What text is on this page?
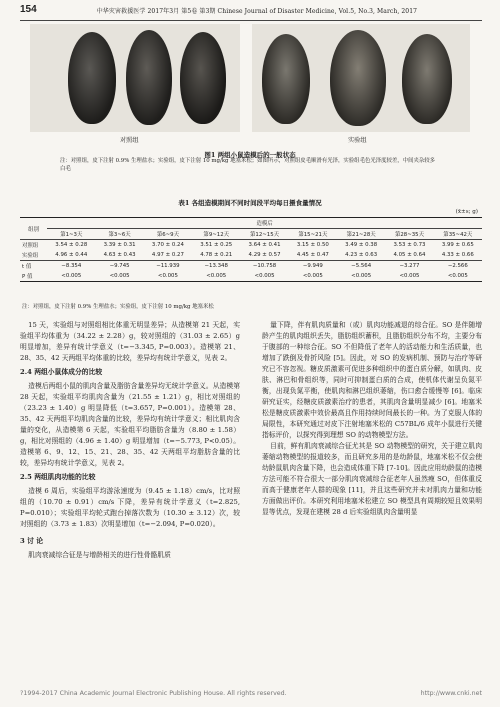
154	中华灾害救援医学 2017年3月 第5卷 第3期 Chinese Journal of Disaster Medicine, Vol.5, No.3, March, 2017
对照组	实验组
图1 两组小鼠造模后的一般状态
注：对照组，皮下注射 0.9% 生理盐水；实验组，皮下注射 10 mg/kg 地塞米松；如图所示，对照组皮毛顺滑有光泽，实验组毛色光泽度较差，中间夹杂较多白毛
表1 各组造模期间不同时间段平均每日摄食量情况
(x̄±s; g)
组别	造模后								
	第1~3天	第3~6天	第6~9天	第9~12天	第12~15天	第15~21天	第21~28天	第28~35天	第35~42天
对照组	3.54 ± 0.28	3.39 ± 0.31	3.70 ± 0.24	3.51 ± 0.25	3.64 ± 0.41	3.15 ± 0.50	3.49 ± 0.38	3.53 ± 0.73	3.99 ± 0.65
实验组	4.96 ± 0.44	4.63 ± 0.43	4.97 ± 0.27	4.78 ± 0.21	4.29 ± 0.57	4.45 ± 0.47	4.23 ± 0.63	4.05 ± 0.64	4.33 ± 0.66
t 值	−8.354	−9.745	−11.939	−13.348	−10.758	−9.949	−5.564	−3.277	−2.566
P 值	<0.005	<0.005	<0.005	<0.005	<0.005	<0.005	<0.005	<0.005	<0.005
注：对照组，皮下注射 0.9% 生理盐水；实验组，皮下注射 10 mg/kg 地塞米松

15 天，实验组与对照组相比体重无明显差异；从造模第 21 天起，实验组平均体重为（34.22 ± 2.28）g，较对照组的（31.03 ± 2.65）g 明显增加，差异有统计学意义（t=−3.345, P=0.003）。造模第 21、28、35、42 天两组平均体重的比较，差异均有统计学意义，见表 2。

2.4 两组小鼠体成分的比较

造模后两组小鼠的肌肉含量及脂肪含量差异均无统计学意义。从造模第 28 天起，实验组平均肌肉含量为（21.55 ± 1.21）g，相比对照组的（23.23 ± 1.40）g 明显降低（t=3.657, P=0.001）。造模第 28、35、42 天两组平均肌肉含量的比较，差异均有统计学意义；相比肌肉含量的变化，从造模第 6 天起，实验组平均脂肪含量为（8.80 ± 1.58）g，相比对照组的（4.96 ± 1.40）g 明显增加（t=−5.773, P<0.05）。造模第 6、9、12、15、21、28、35、42 天两组平均脂肪含量的比较，差异均有统计学意义，见表 2。

2.5 两组肌肉功能的比较

造模 6 周后，实验组平均游泳速度为（9.45 ± 1.18）cm/s，比对照组的（10.70 ± 0.91）cm/s 下降，差异有统计学意义（t=2.825, P=0.010）；实验组平均轮式跑台掉落次数为（10.30 ± 3.12）次，较对照组的（3.73 ± 1.83）次明显增加（t=−2.094, P=0.020）。

3 讨 论

肌肉衰减综合征是与增龄相关的进行性骨骼肌质

量下降，伴有肌肉质量和（或）肌肉功能减退的综合征。SO 是伴随增龄产生的肌肉组织丢失，脂肪组织蓄积，且脂肪组织分布不均，主要分布于腹部的一种综合征。SO 不但降低了老年人的活动能力和生活质量，也增加了跌倒及骨折风险 [5]。因此，对 SO 的发病机制、预防与治疗等研究已不容忽视。糖皮质激素可促进多种组织中的蛋白质分解，如肌肉、皮肤、淋巴和骨组织等，同时可抑制蛋白质的合成，使机体代谢呈负氮平衡，出现负氮平衡，使肌肉和淋巴组织萎缩，伤口愈合缓慢等 [6]。临床研究证实，经糖皮质激素治疗的患者，其肌肉含量明显减少 [6]。地塞米松是糖皮质激素中效价最高且作用持续时间最长的一种。为了克服人体的局限性，本研究通过对皮下注射地塞米松的 C57BL/6 成年小鼠进行关键指标评价，以探究得到理想 SO 的动物模型方法。

目前，鲜有肌肉衰减综合征尤其是 SO 动物模型的研究，关于建立肌肉萎缩动物模型的报道较多，而且研究多用的是幼龄鼠，地塞米松不仅会使幼龄鼠肌肉含量下降，也会造成体重下降 [7-10]。因此应用幼龄鼠的造模方法可能不符合很大一部分肌肉衰减综合征老年人虽然瘦 SO，但体重反而高于健康老年人群的现象 [11]，并且这些研究并未对肌肉力量和功能方面做出评价。本研究利用地塞米松建立 SO 模型具有周期较短且效果明显等优点，发现在建模 28 d 后实验组肌肉含量明显

?1994-2017 China Academic Journal Electronic Publishing House. All rights reserved.	http://www.cnki.net
